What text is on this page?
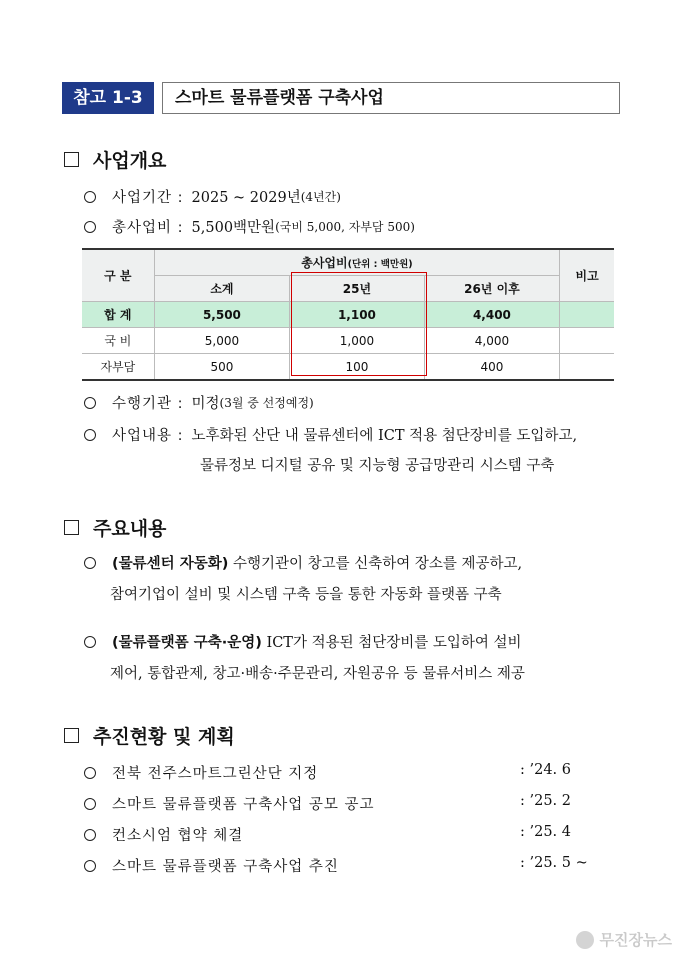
참고 1-3	스마트 물류플랫폼 구축사업
사업개요
사업기간 : 2025 ~ 2029년 (4년간)
총사업비 : 5,500백만원 (국비 5,000, 자부담 500)
구 분	총사업비(단위 : 백만원)			비고
	소계	25년	26년 이후	
합 계	5,500	1,100	4,400	
국 비	5,000	1,000	4,000	
자부담	500	100	400	
수행기관 : 미정 (3월 중 선정예정)
사업내용 : 노후화된 산단 내 물류센터에 ICT 적용 첨단장비를 도입하고,
물류정보 디지털 공유 및 지능형 공급망관리 시스템 구축
주요내용
(물류센터 자동화) 수행기관이 창고를 신축하여 장소를 제공하고,
참여기업이 설비 및 시스템 구축 등을 통한 자동화 플랫폼 구축
(물류플랫폼 구축·운영) ICT가 적용된 첨단장비를 도입하여 설비
제어, 통합관제, 창고·배송·주문관리, 자원공유 등 물류서비스 제공
추진현황 및 계획
전북 전주스마트그린산단 지정	: ’24. 6
스마트 물류플랫폼 구축사업 공모 공고	: ’25. 2
컨소시엄 협약 체결	: ’25. 4
스마트 물류플랫폼 구축사업 추진	: ’25. 5 ~
무진장뉴스
